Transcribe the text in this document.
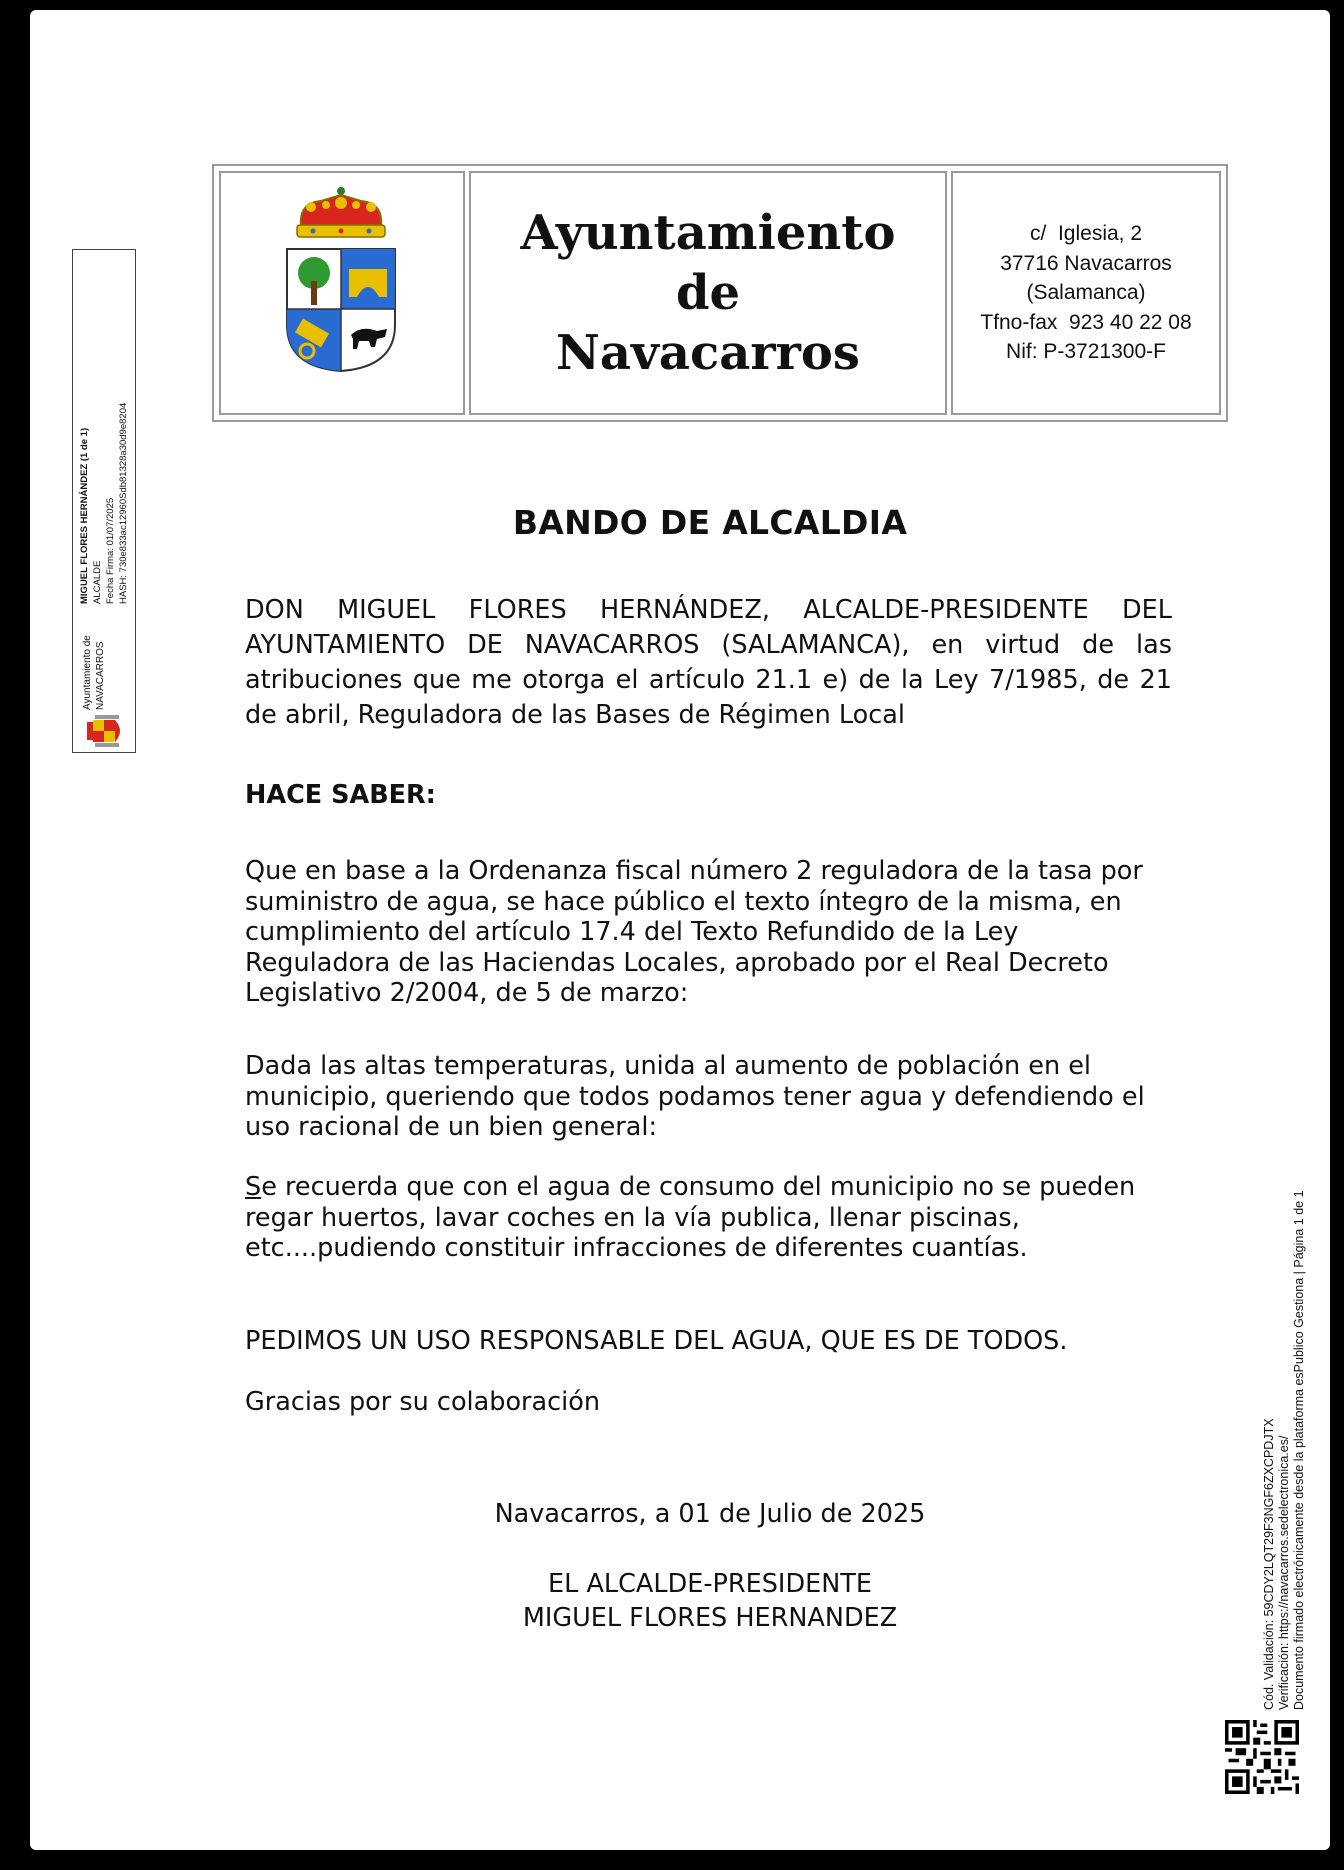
Ayuntamiento
de
Navacarros
c/  Iglesia, 2
37716 Navacarros
(Salamanca)
Tfno-fax  923 40 22 08
Nif: P-3721300-F
BANDO DE ALCALDIA
DON MIGUEL FLORES HERNÁNDEZ, ALCALDE-PRESIDENTE DEL AYUNTAMIENTO DE NAVACARROS (SALAMANCA), en virtud de las atribuciones que me otorga el artículo 21.1 e) de la Ley 7/1985, de 21 de abril, Reguladora de las Bases de Régimen Local
HACE SABER:
Que en base a la Ordenanza fiscal número 2 reguladora de la tasa por
suministro de agua, se hace público el texto íntegro de la misma, en
cumplimiento del artículo 17.4 del Texto Refundido de la Ley
Reguladora de las Haciendas Locales, aprobado por el Real Decreto
Legislativo 2/2004, de 5 de marzo:
Dada las altas temperaturas, unida al aumento de población en el
municipio, queriendo que todos podamos tener agua y defendiendo el
uso racional de un bien general:
Se recuerda que con el agua de consumo del municipio no se pueden
regar huertos, lavar coches en la vía publica, llenar piscinas,
etc....pudiendo constituir infracciones de diferentes cuantías.
PEDIMOS UN USO RESPONSABLE DEL AGUA, QUE ES DE TODOS.
Gracias por su colaboración
Navacarros, a 01 de Julio de 2025
EL ALCALDE-PRESIDENTE
MIGUEL FLORES HERNANDEZ	Cód. Validación: 59CDY2LQT29F3NGF6ZXCPDJTX Verificación: https://navacarros.sedelectronica.es/ Documento firmado electrónicamente desde la plataforma esPublico Gestiona | Página 1 de 1
Ayuntamiento de NAVACARROS
MIGUEL FLORES HERNÁNDEZ (1 de 1) ALCALDE Fecha Firma: 01/07/2025 HASH: 730e833ac12960Sdb81328a30d9e8204
